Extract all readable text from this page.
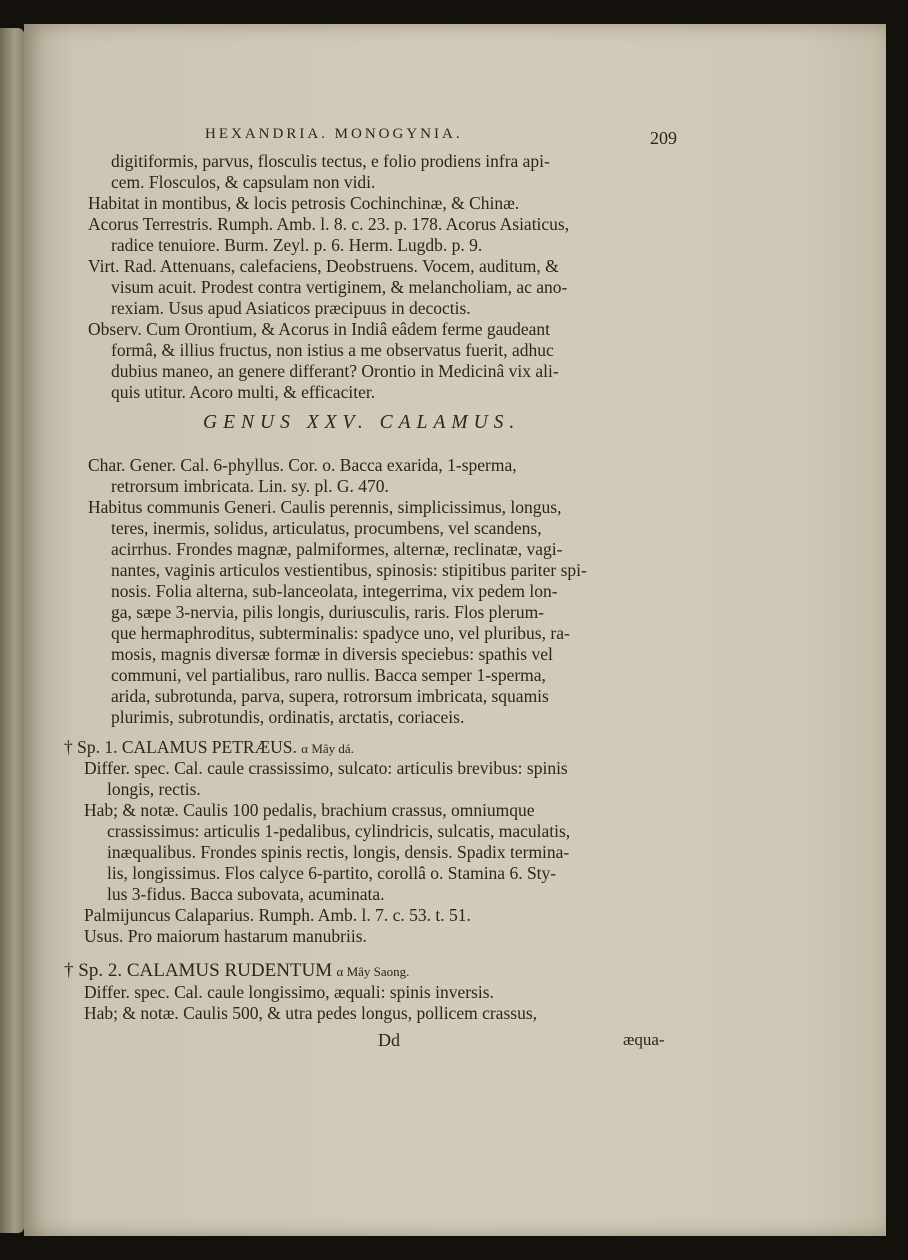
HEXANDRIA. MONOGYNIA.	209
digitiformis, parvus, flosculis tectus, e folio prodiens infra api-
cem. Flosculos, & capsulam non vidi.
Habitat in montibus, & locis petrosis Cochinchinæ, & Chinæ.
Acorus Terrestris. Rumph. Amb. l. 8. c. 23. p. 178. Acorus Asiaticus,
radice tenuiore. Burm. Zeyl. p. 6. Herm. Lugdb. p. 9.
Virt. Rad. Attenuans, calefaciens, Deobstruens. Vocem, auditum, &
visum acuit. Prodest contra vertiginem, & melancholiam, ac ano-
rexiam. Usus apud Asiaticos præcipuus in decoctis.
Observ. Cum Orontium, & Acorus in Indiâ eâdem ferme gaudeant
formâ, & illius fructus, non istius a me observatus fuerit, adhuc
dubius maneo, an genere differant? Orontio in Medicinâ vix ali-
quis utitur. Acoro multi, & efficaciter.
GENUS XXV. CALAMUS.
Char. Gener. Cal. 6-phyllus. Cor. o. Bacca exarida, 1-sperma,
retrorsum imbricata. Lin. sy. pl. G. 470.
Habitus communis Generi. Caulis perennis, simplicissimus, longus,
teres, inermis, solidus, articulatus, procumbens, vel scandens,
acirrhus. Frondes magnæ, palmiformes, alternæ, reclinatæ, vagi-
nantes, vaginis articulos vestientibus, spinosis: stipitibus pariter spi-
nosis. Folia alterna, sub-lanceolata, integerrima, vix pedem lon-
ga, sæpe 3-nervia, pilis longis, duriusculis, raris. Flos plerum-
que hermaphroditus, subterminalis: spadyce uno, vel pluribus, ra-
mosis, magnis diversæ formæ in diversis speciebus: spathis vel
communi, vel partialibus, raro nullis. Bacca semper 1-sperma,
arida, subrotunda, parva, supera, rotrorsum imbricata, squamis
plurimis, subrotundis, ordinatis, arctatis, coriaceis.
† Sp. 1. CALAMUS PETRÆUS. α Mây dá.
Differ. spec. Cal. caule crassissimo, sulcato: articulis brevibus: spinis
longis, rectis.
Hab; & notæ. Caulis 100 pedalis, brachium crassus, omniumque
crassissimus: articulis 1-pedalibus, cylindricis, sulcatis, maculatis,
inæqualibus. Frondes spinis rectis, longis, densis. Spadix termina-
lis, longissimus. Flos calyce 6-partito, corollâ o. Stamina 6. Sty-
lus 3-fidus. Bacca subovata, acuminata.
Palmijuncus Calaparius. Rumph. Amb. l. 7. c. 53. t. 51.
Usus. Pro maiorum hastarum manubriis.
† Sp. 2. CALAMUS RUDENTUM α Mây Saong.
Differ. spec. Cal. caule longissimo, æquali: spinis inversis.
Hab; & notæ. Caulis 500, & utra pedes longus, pollicem crassus,
Dd	æqua-
